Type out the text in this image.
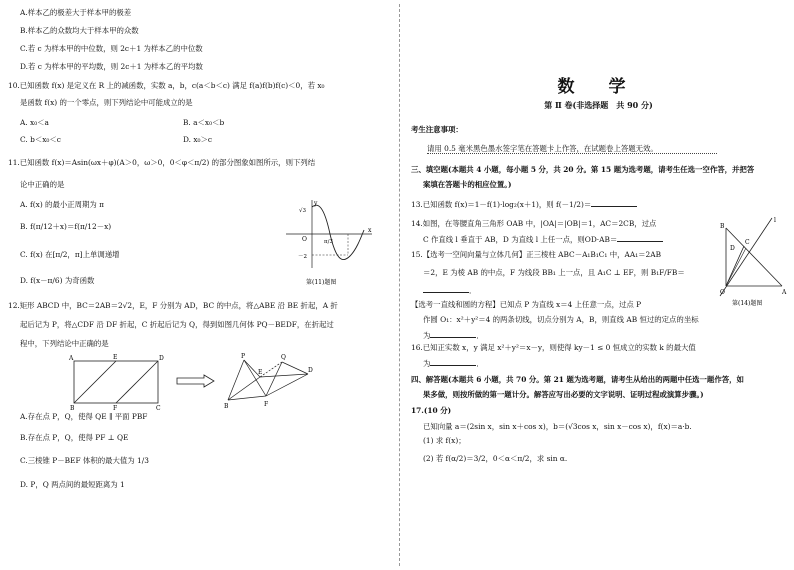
A.样本乙的极差大于样本甲的极差
B.样本乙的众数均大于样本甲的众数
C.若 c 为样本甲的中位数，则 2c＋1 为样本乙的中位数
D.若 c 为样本甲的平均数，则 2c＋1 为样本乙的平均数
10.已知函数 f(x) 是定义在 R 上的减函数，实数 a，b，c(a＜b＜c) 满足 f(a)f(b)f(c)＜0，若 x₀
是函数 f(x) 的一个零点，则下列结论中可能成立的是
A. x₀＜a	B. a＜x₀＜b
C. b＜x₀＜c	D. x₀＞c
11.已知函数 f(x)＝Asin(ωx＋φ)(A＞0，ω＞0，0＜φ＜π/2) 的部分图象如图所示，则下列结
论中正确的是
A. f(x) 的最小正周期为 π
B. f(π/12＋x)＝f(π/12－x)
C. f(x) 在[π/2，π]上单调递增
D. f(x－π/6) 为奇函数
y
x
O
√3
－2
π/3
第(11)题图
12.矩形 ABCD 中，BC＝2AB＝2√2，E，F 分别为 AD，BC 的中点，将△ABE 沿 BE 折起，A 折
起后记为 P，将△CDF 沿 DF 折起，C 折起后记为 Q，得到如图几何体 PQ－BEDF，在折起过
程中，下列结论中正确的是
A	E	D
B	F	C
P	Q
E	D
B	F
A.存在点 P，Q，使得 QE ∥ 平面 PBF
B.存在点 P，Q，使得 PF ⊥ QE
C.三棱锥 P－BEF 体积的最大值为 1/3
D. P，Q 两点间的最短距离为 1
数 学
第 Ⅱ 卷(非选择题　共 90 分)
考生注意事项：
请用 0.5 毫米黑色墨水签字笔在答题卡上作答，在试题卷上答题无效。
三、填空题(本题共 4 小题，每小题 5 分，共 20 分。第 15 题为选考题，请考生任选一空作答，并把答
案填在答题卡的相应位置。)
13.已知函数 f(x)＝1－f(1)·log₂(x＋1)，则 f(－1/2)＝
14.如图，在等腰直角三角形 OAB 中，|OA|＝|OB|＝1，AC＝2CB，过点
C 作直线 l 垂直于 AB，D 为直线 l 上任一点，则OD·AB＝
15.【选考一空间向量与立体几何】正三棱柱 ABC－A₁B₁C₁ 中，AA₁＝2AB
＝2，E 为棱 AB 的中点，F 为线段 BB₁ 上一点，且 A₁C ⊥ EF，则 B₁F/FB＝
．
【选考一直线和圆的方程】已知点 P 为直线 x＝4 上任意一点，过点 P
作圆 O₁：x²＋y²＝4 的两条切线，切点分别为 A，B，则直线 AB 恒过的定点的坐标
为	．
B
C
D
l
O	A
第(14)题图
16.已知正实数 x，y 满足 x²＋y²＝x－y，则使得 ky－1 ≤ 0 恒成立的实数 k 的最大值
为	．
四、解答题(本题共 6 小题，共 70 分。第 21 题为选考题，请考生从给出的两题中任选一题作答，如
果多做，则按所做的第一题计分。解答应写出必要的文字说明、证明过程或演算步骤。)
17.(10 分)
已知向量 a＝(2sin x，sin x＋cos x)，b＝(√3cos x，sin x－cos x)，f(x)＝a·b.
(1) 求 f(x)；
(2) 若 f(α/2)＝3/2，0＜α＜π/2，求 sin α.
